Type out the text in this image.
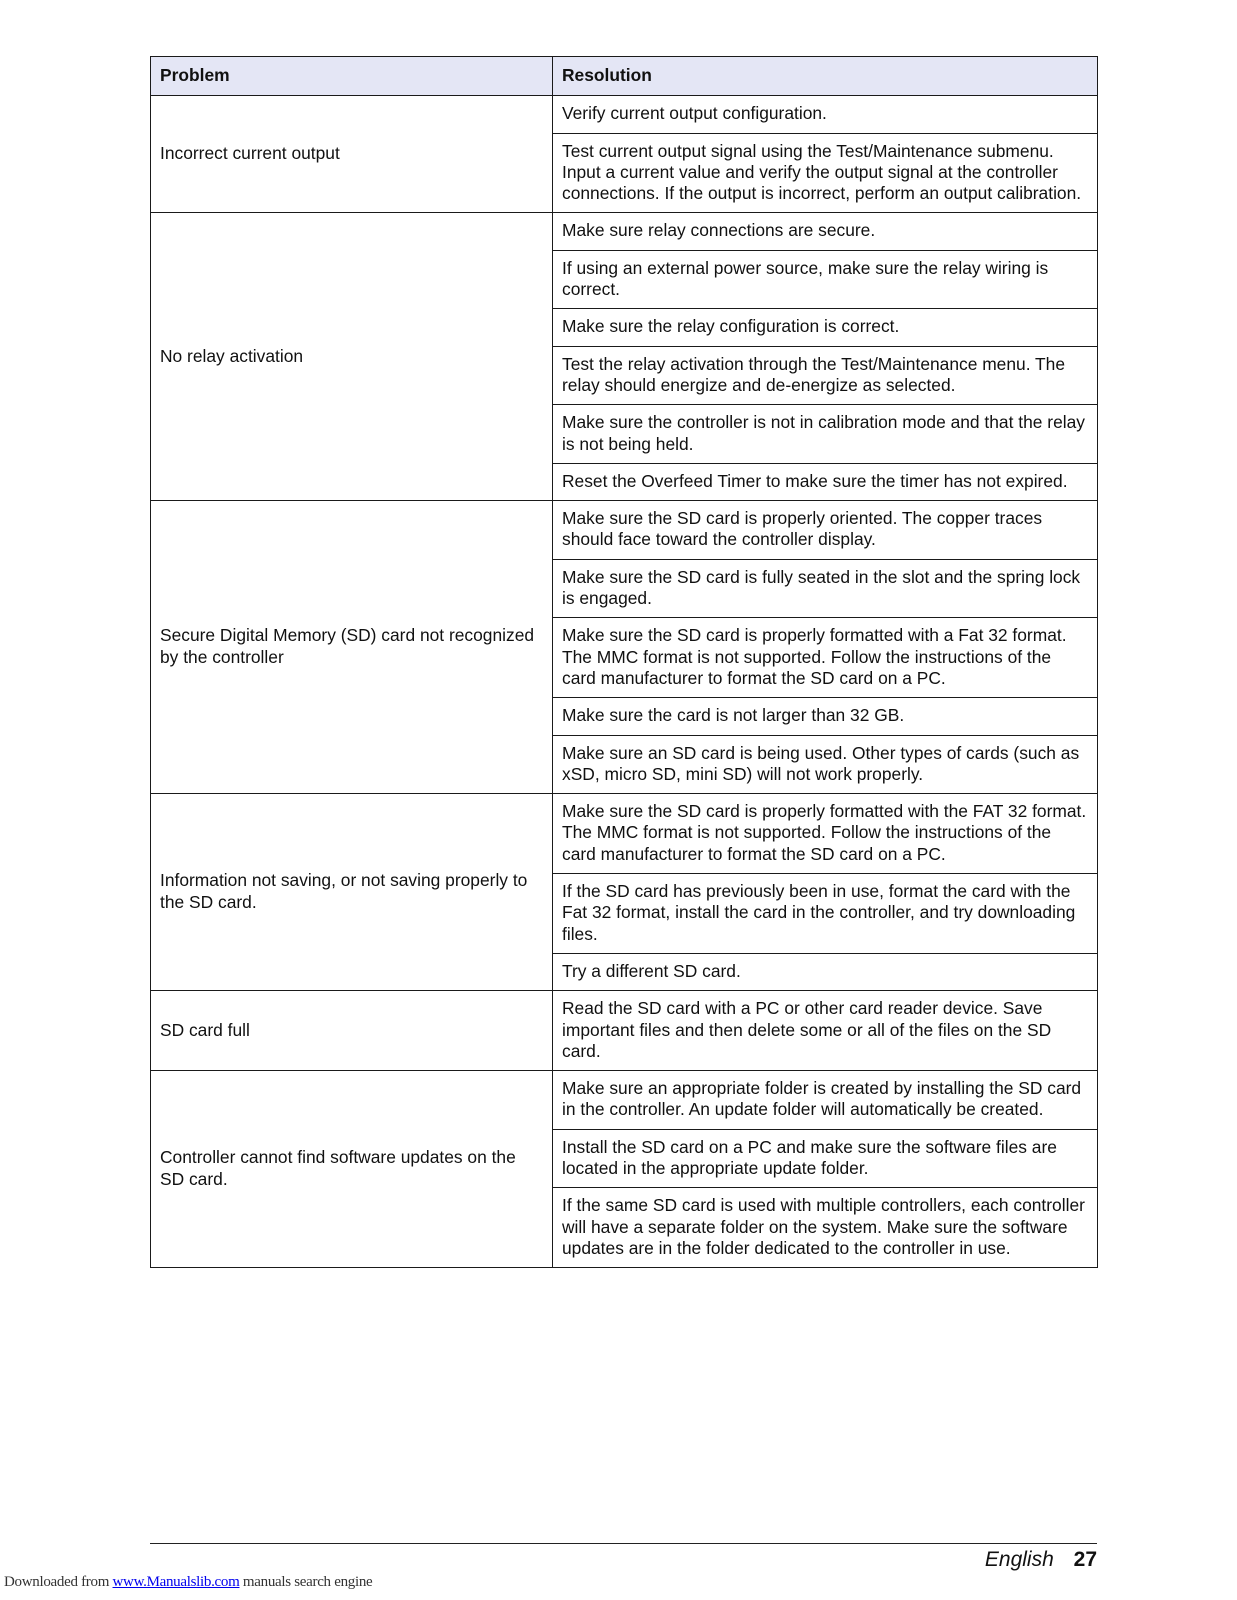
Problem	Resolution
Incorrect current output	Verify current output configuration.
	Test current output signal using the Test/Maintenance submenu. Input a current value and verify the output signal at the controller connections. If the output is incorrect, perform an output calibration.
No relay activation	Make sure relay connections are secure.
	If using an external power source, make sure the relay wiring is correct.
	Make sure the relay configuration is correct.
	Test the relay activation through the Test/Maintenance menu. The relay should energize and de-energize as selected.
	Make sure the controller is not in calibration mode and that the relay is not being held.
	Reset the Overfeed Timer to make sure the timer has not expired.
Secure Digital Memory (SD) card not recognized by the controller	Make sure the SD card is properly oriented. The copper traces should face toward the controller display.
	Make sure the SD card is fully seated in the slot and the spring lock is engaged.
	Make sure the SD card is properly formatted with a Fat 32 format. The MMC format is not supported. Follow the instructions of the card manufacturer to format the SD card on a PC.
	Make sure the card is not larger than 32 GB.
	Make sure an SD card is being used. Other types of cards (such as xSD, micro SD, mini SD) will not work properly.
Information not saving, or not saving properly to the SD card.	Make sure the SD card is properly formatted with the FAT 32 format. The MMC format is not supported. Follow the instructions of the card manufacturer to format the SD card on a PC.
	If the SD card has previously been in use, format the card with the Fat 32 format, install the card in the controller, and try downloading files.
	Try a different SD card.
SD card full	Read the SD card with a PC or other card reader device. Save important files and then delete some or all of the files on the SD card.
Controller cannot find software updates on the SD card.	Make sure an appropriate folder is created by installing the SD card in the controller. An update folder will automatically be created.
	Install the SD card on a PC and make sure the software files are located in the appropriate update folder.
	If the same SD card is used with multiple controllers, each controller will have a separate folder on the system. Make sure the software updates are in the folder dedicated to the controller in use.
English 27
Downloaded from www.Manualslib.com manuals search engine
